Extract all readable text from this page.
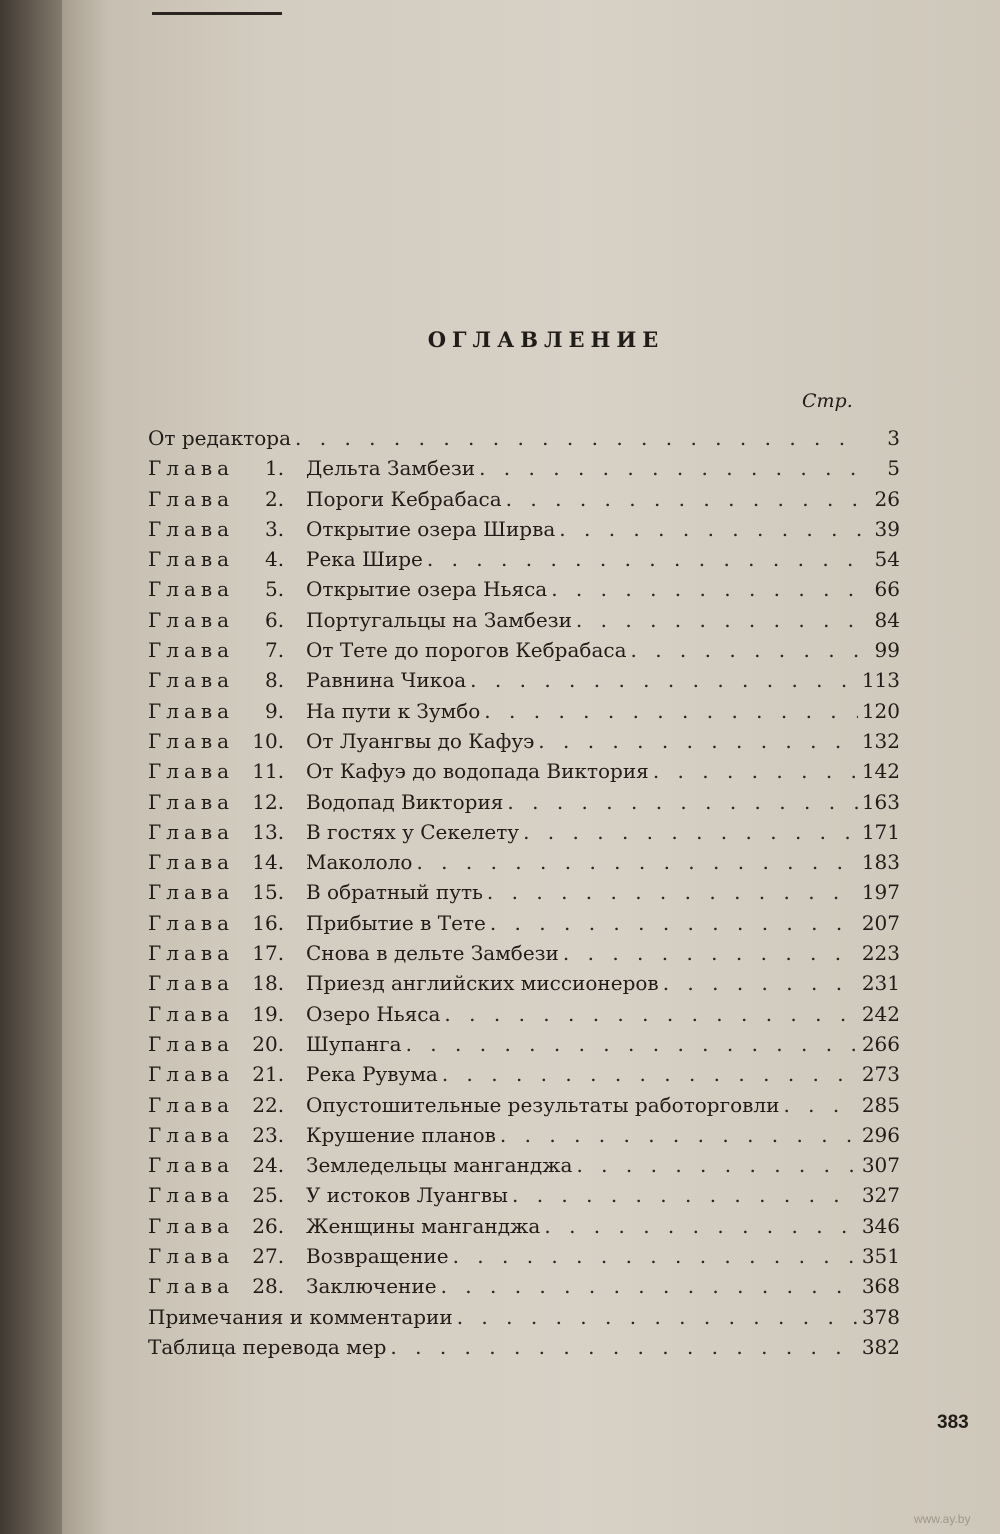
ОГЛАВЛЕНИЕ
Стр.
От редактора . . .	3
Глава 1.	Дельта Замбези . . .	5
Глава 2.	Пороги Кебрабаса . . .	26
Глава 3.	Открытие озера Ширва . . .	39
Глава 4.	Река Шире . . .	54
Глава 5.	Открытие озера Ньяса . . .	66
Глава 6.	Португальцы на Замбези . . .	84
Глава 7.	От Тете до порогов Кебрабаса . . .	99
Глава 8.	Равнина Чикоа . . .	113
Глава 9.	На пути к Зумбо . . .	120
Глава 10.	От Луангвы до Кафуэ . . .	132
Глава 11.	От Кафуэ до водопада Виктория . . .	142
Глава 12.	Водопад Виктория . . .	163
Глава 13.	В гостях у Секелету . . .	171
Глава 14.	Макололо . . .	183
Глава 15.	В обратный путь . . .	197
Глава 16.	Прибытие в Тете . . .	207
Глава 17.	Снова в дельте Замбези . . .	223
Глава 18.	Приезд английских миссионеров . . .	231
Глава 19.	Озеро Ньяса . . .	242
Глава 20.	Шупанга . . .	266
Глава 21.	Река Рувума . . .	273
Глава 22.	Опустошительные результаты работорговли . . .	285
Глава 23.	Крушение планов . . .	296
Глава 24.	Земледельцы манганджа . . .	307
Глава 25.	У истоков Луангвы . . .	327
Глава 26.	Женщины манганджа . . .	346
Глава 27.	Возвращение . . .	351
Глава 28.	Заключение . . .	368
Примечания и комментарии . . .	378
Таблица перевода мер . . .	382
383
www.ay.by
